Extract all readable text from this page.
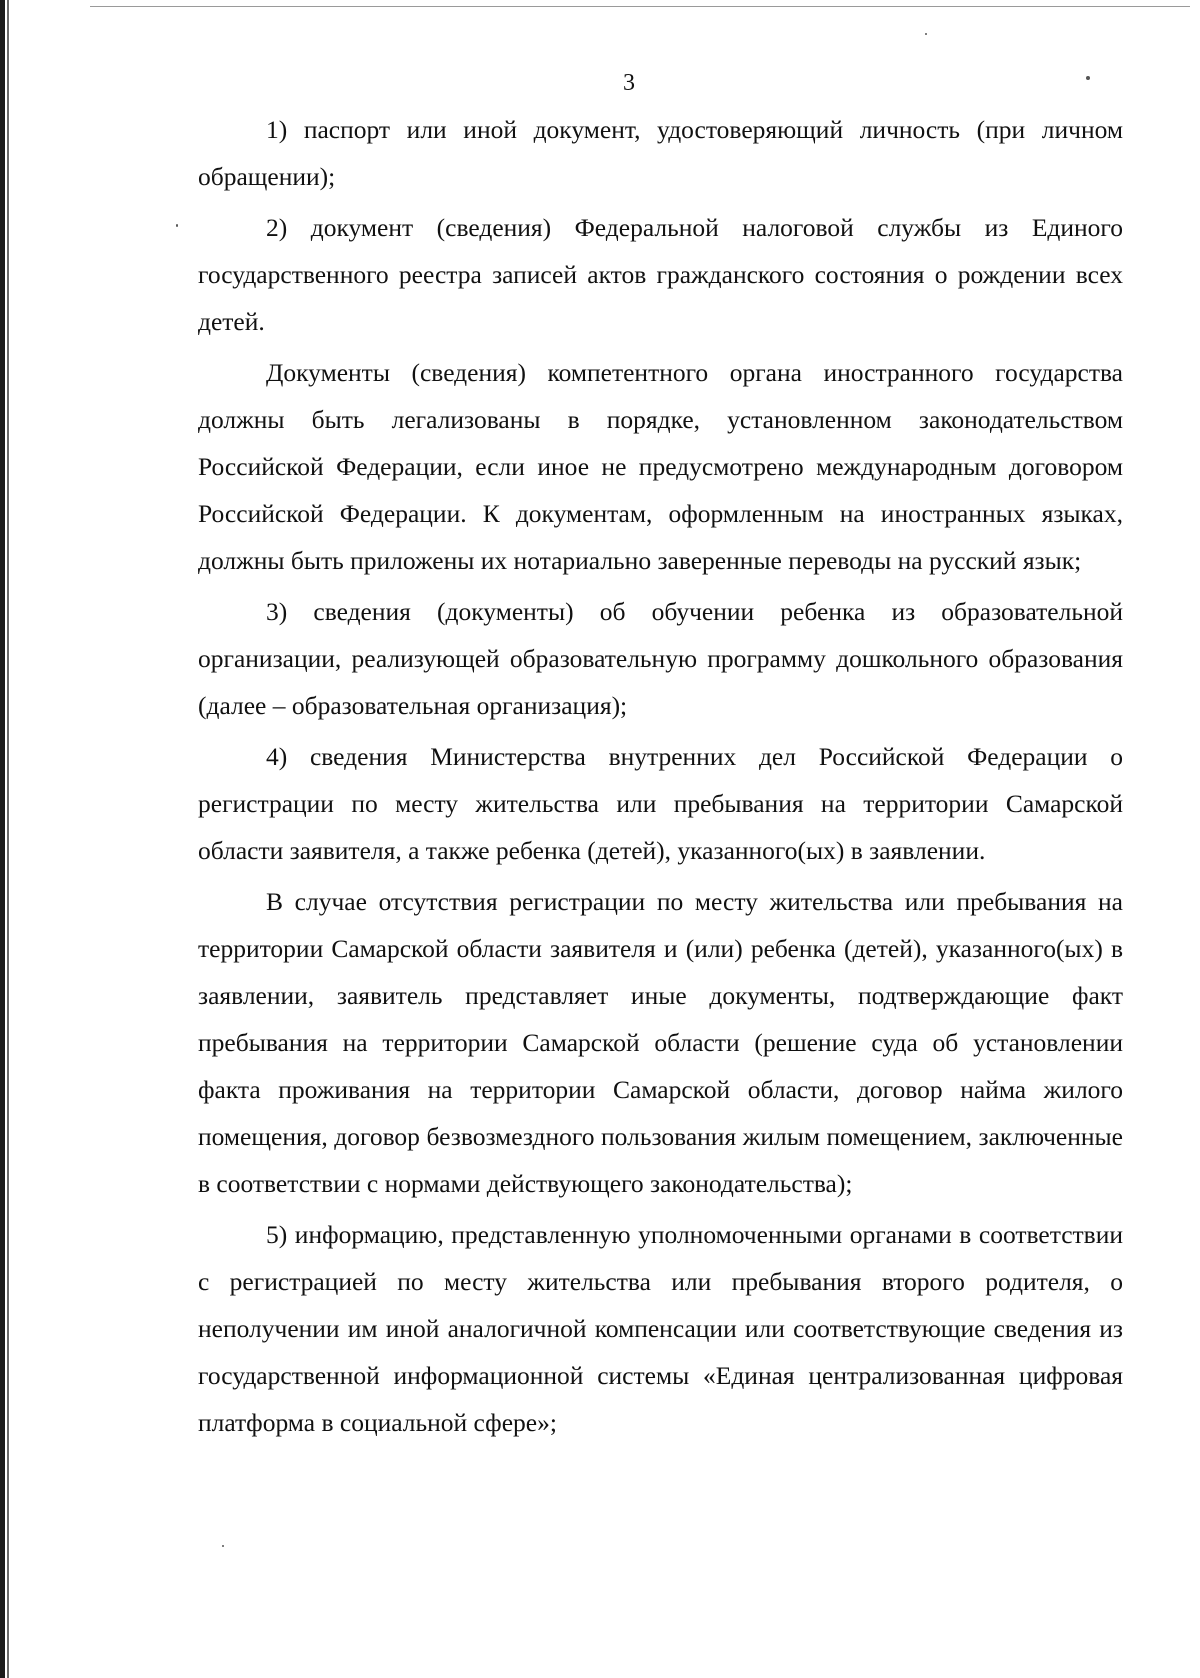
3

1) паспорт или иной документ, удостоверяющий личность (при личном обращении);

2) документ (сведения) Федеральной налоговой службы из Единого государственного реестра записей актов гражданского состояния о рождении всех детей.

Документы (сведения) компетентного органа иностранного государства должны быть легализованы в порядке, установленном законодательством Российской Федерации, если иное не предусмотрено международным договором Российской Федерации. К документам, оформленным на иностранных языках, должны быть приложены их нотариально заверенные переводы на русский язык;

3) сведения (документы) об обучении ребенка из образовательной организации, реализующей образовательную программу дошкольного образования (далее – образовательная организация);

4) сведения Министерства внутренних дел Российской Федерации о регистрации по месту жительства или пребывания на территории Самарской области заявителя, а также ребенка (детей), указанного(ых) в заявлении.

В случае отсутствия регистрации по месту жительства или пребывания на территории Самарской области заявителя и (или) ребенка (детей), указанного(ых) в заявлении, заявитель представляет иные документы, подтверждающие факт пребывания на территории Самарской области (решение суда об установлении факта проживания на территории Самарской области, договор найма жилого помещения, договор безвозмездного пользования жилым помещением, заключенные в соответствии с нормами действующего законодательства);

5) информацию, представленную уполномоченными органами в соответствии с регистрацией по месту жительства или пребывания второго родителя, о неполучении им иной аналогичной компенсации или соответствующие сведения из государственной информационной системы «Единая централизованная цифровая платформа в социальной сфере»;
